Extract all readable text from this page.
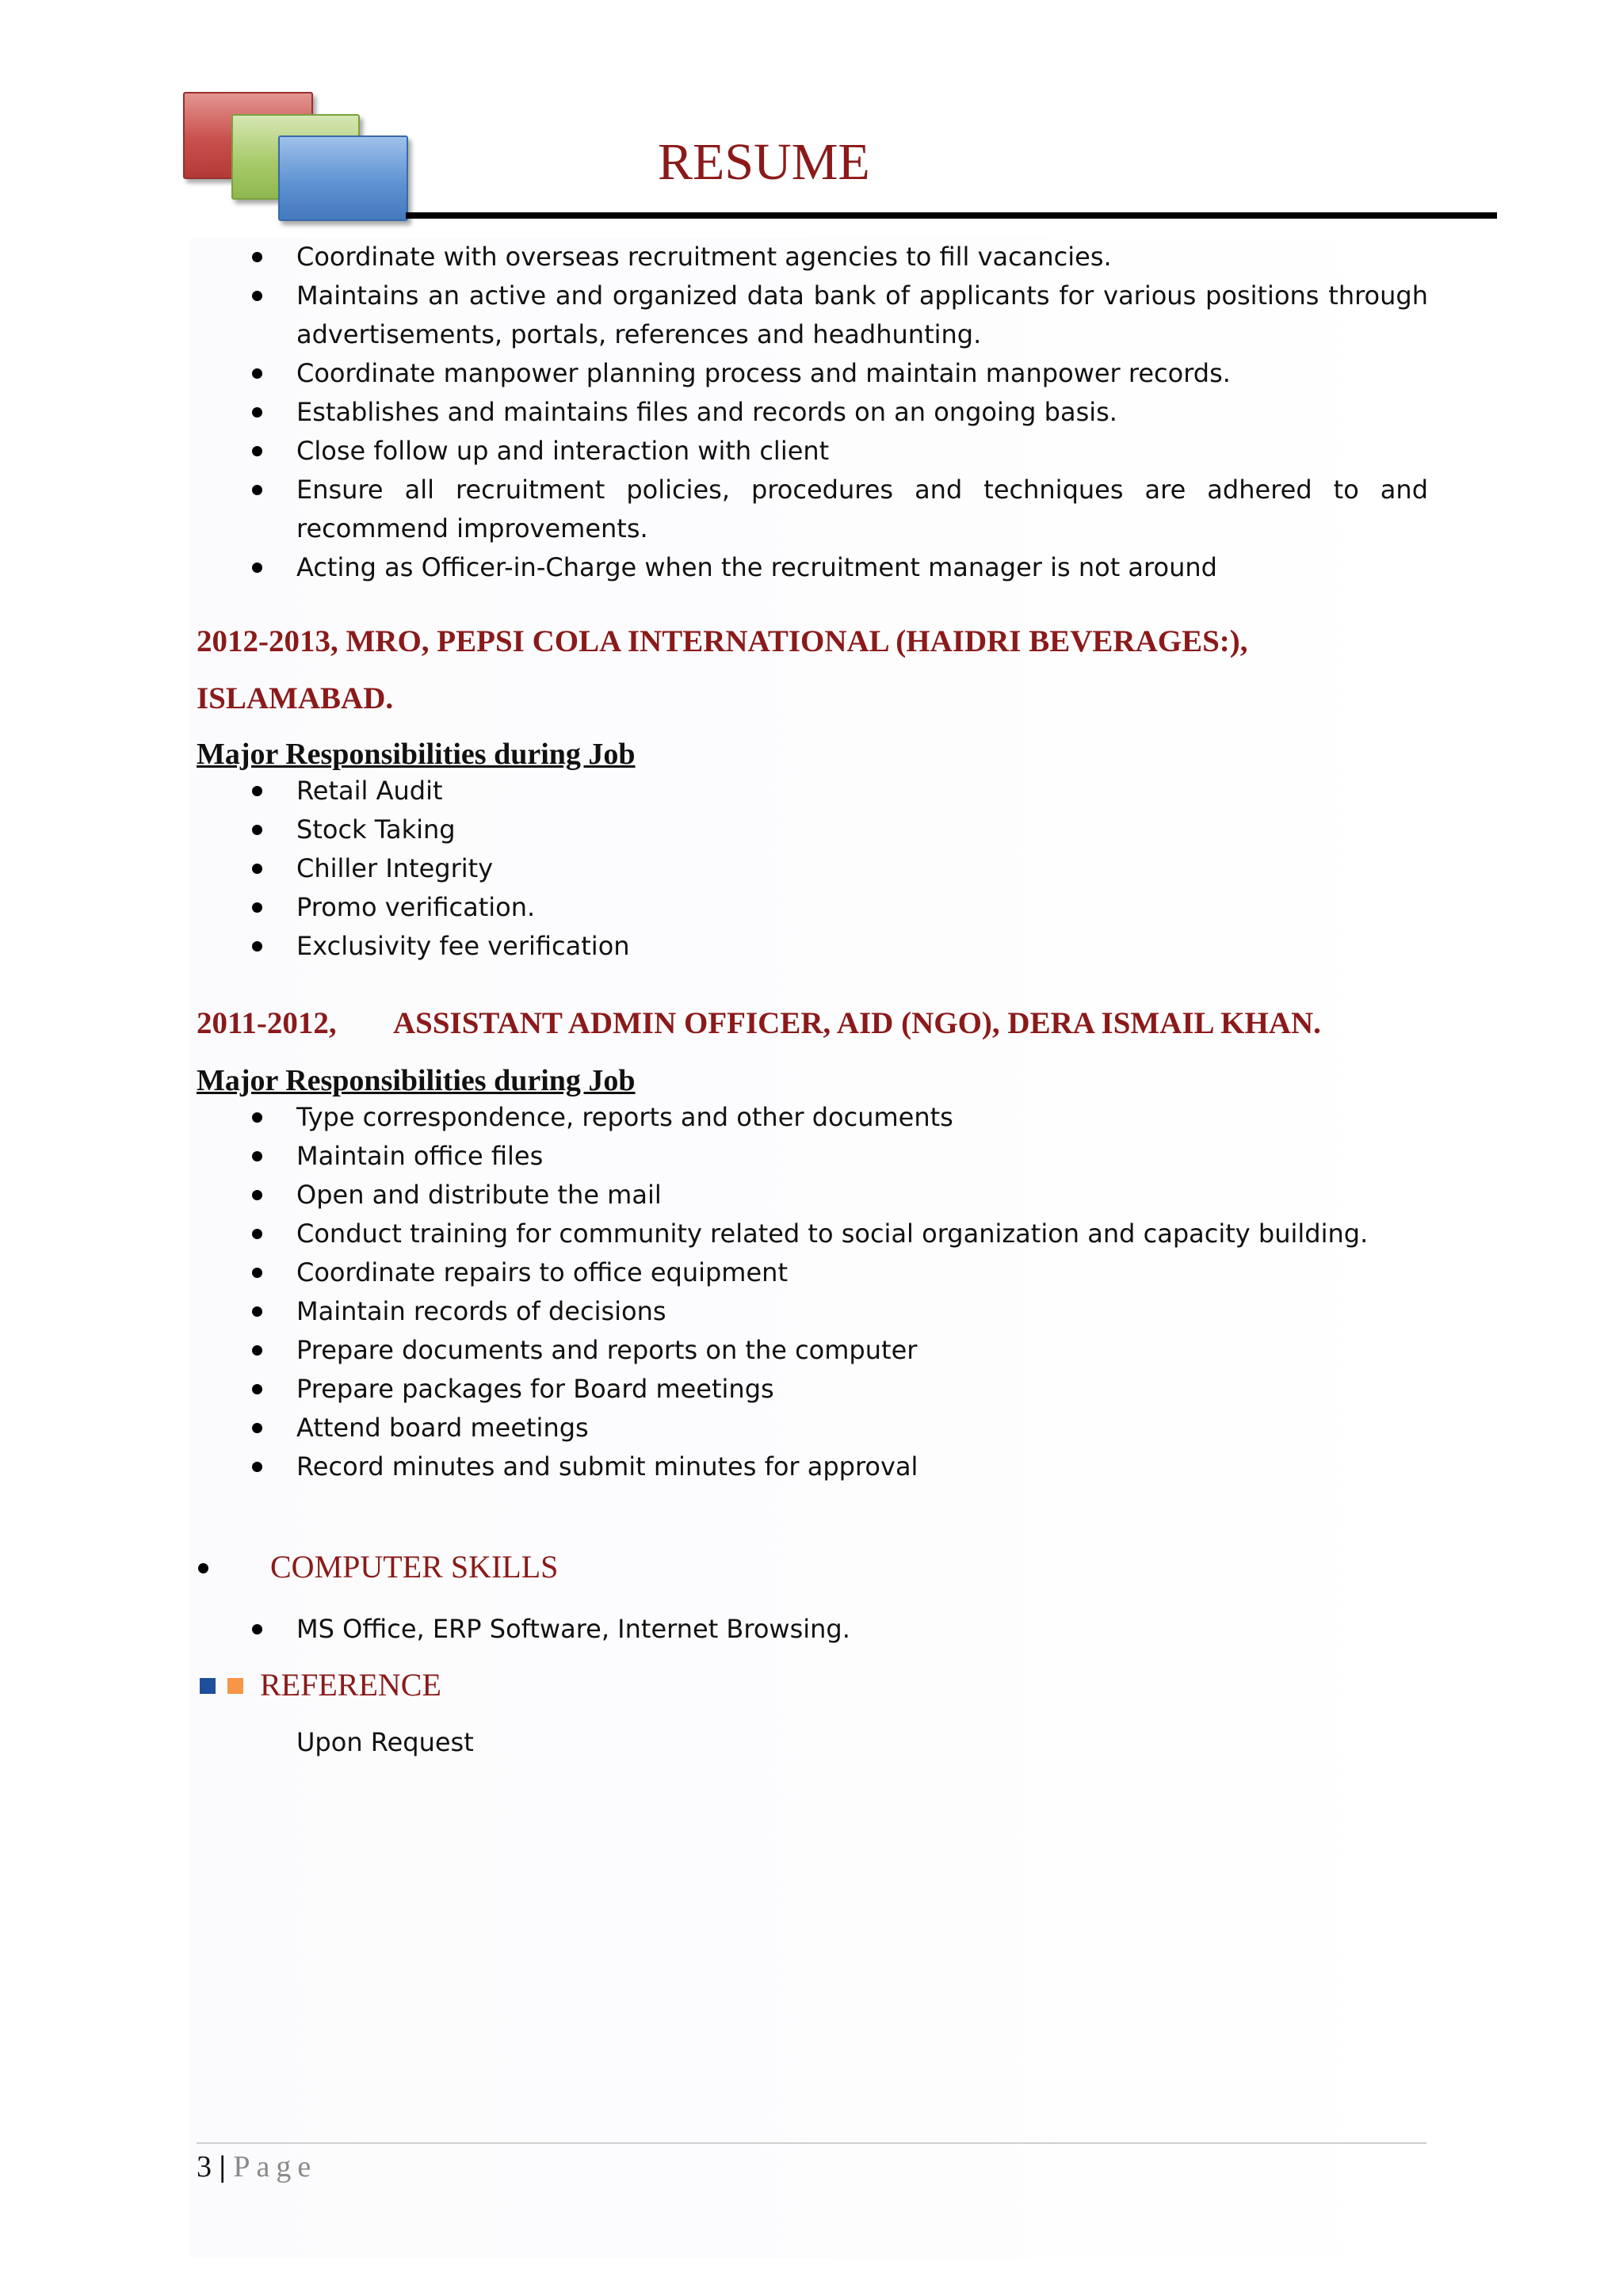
RESUME
Coordinate with overseas recruitment agencies to fill vacancies.
Maintains an active and organized data bank of applicants for various positions through advertisements, portals, references and headhunting.
Coordinate manpower planning process and maintain manpower records.
Establishes and maintains files and records on an ongoing basis.
Close follow up and interaction with client
Ensure all recruitment policies, procedures and techniques are adhered to and recommend improvements.
Acting as Officer-in-Charge when the recruitment manager is not around
2012-2013, MRO, PEPSI COLA INTERNATIONAL (HAIDRI BEVERAGES:),
ISLAMABAD.
Major Responsibilities during Job
Retail Audit
Stock Taking
Chiller Integrity
Promo verification.
Exclusivity fee verification
2011-2012, ASSISTANT ADMIN OFFICER, AID (NGO), DERA ISMAIL KHAN.
Major Responsibilities during Job
Type correspondence, reports and other documents
Maintain office files
Open and distribute the mail
Conduct training for community related to social organization and capacity building.
Coordinate repairs to office equipment
Maintain records of decisions
Prepare documents and reports on the computer
Prepare packages for Board meetings
Attend board meetings
Record minutes and submit minutes for approval
COMPUTER SKILLS
MS Office, ERP Software, Internet Browsing.
REFERENCE
Upon Request
3 | Page
